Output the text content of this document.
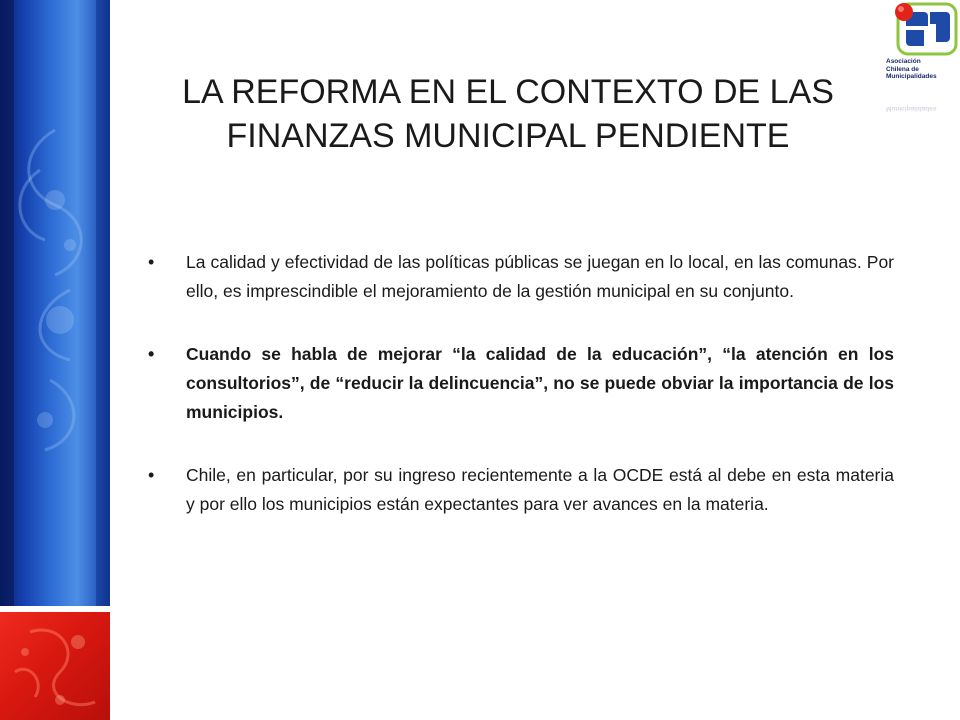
Asociación
Chilena de
Municipalidades
Municipalidades
LA REFORMA EN EL CONTEXTO DE LAS
FINANZAS MUNICIPAL PENDIENTE
• La calidad y efectividad de las políticas públicas se juegan en lo local, en las comunas. Por ello, es imprescindible el mejoramiento de la gestión municipal en su conjunto.
• Cuando se habla de mejorar “la calidad de la educación”, “la atención en los consultorios”, de “reducir la delincuencia”, no se puede obviar la importancia de los municipios.
• Chile, en particular, por su ingreso recientemente a la OCDE está al debe en esta materia y por ello los municipios están expectantes para ver avances en la materia.
